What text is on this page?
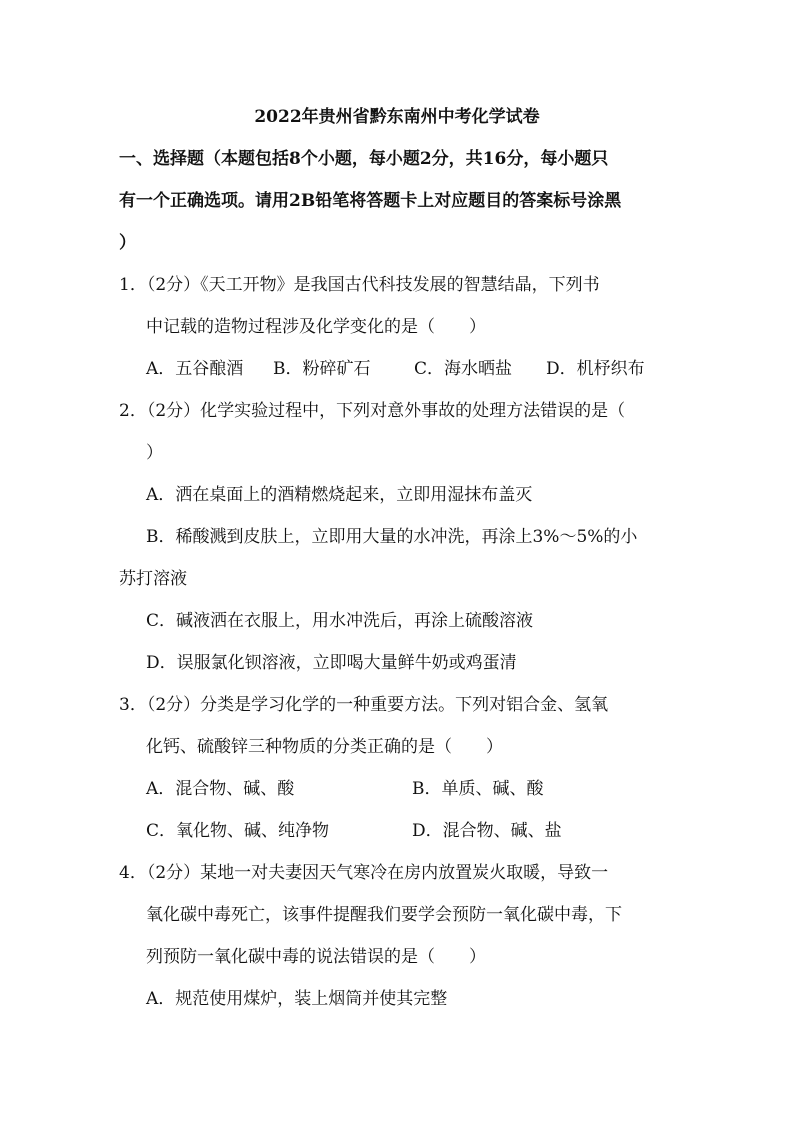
2022年贵州省黔东南州中考化学试卷
一、选择题（本题包括8个小题，每小题2分，共16分，每小题只
有一个正确选项。请用2B铅笔将答题卡上对应题目的答案标号涂黑
）
1．（2分）《天工开物》是我国古代科技发展的智慧结晶，下列书
中记载的造物过程涉及化学变化的是（　　）
A．五谷酿酒 B．粉碎矿石	C．海水晒盐 D．机杼织布
2．（2分）化学实验过程中，下列对意外事故的处理方法错误的是（
）
A．洒在桌面上的酒精燃烧起来，立即用湿抹布盖灭
B．稀酸溅到皮肤上，立即用大量的水冲洗，再涂上3%～5%的小
苏打溶液
C．碱液洒在衣服上，用水冲洗后，再涂上硫酸溶液
D．误服氯化钡溶液，立即喝大量鲜牛奶或鸡蛋清
3．（2分）分类是学习化学的一种重要方法。下列对铝合金、氢氧
化钙、硫酸锌三种物质的分类正确的是（　　）
A．混合物、碱、酸	B．单质、碱、酸
C．氧化物、碱、纯净物	D．混合物、碱、盐
4．（2分）某地一对夫妻因天气寒冷在房内放置炭火取暖，导致一
氧化碳中毒死亡，该事件提醒我们要学会预防一氧化碳中毒，下
列预防一氧化碳中毒的说法错误的是（　　）
A．规范使用煤炉，装上烟筒并使其完整
